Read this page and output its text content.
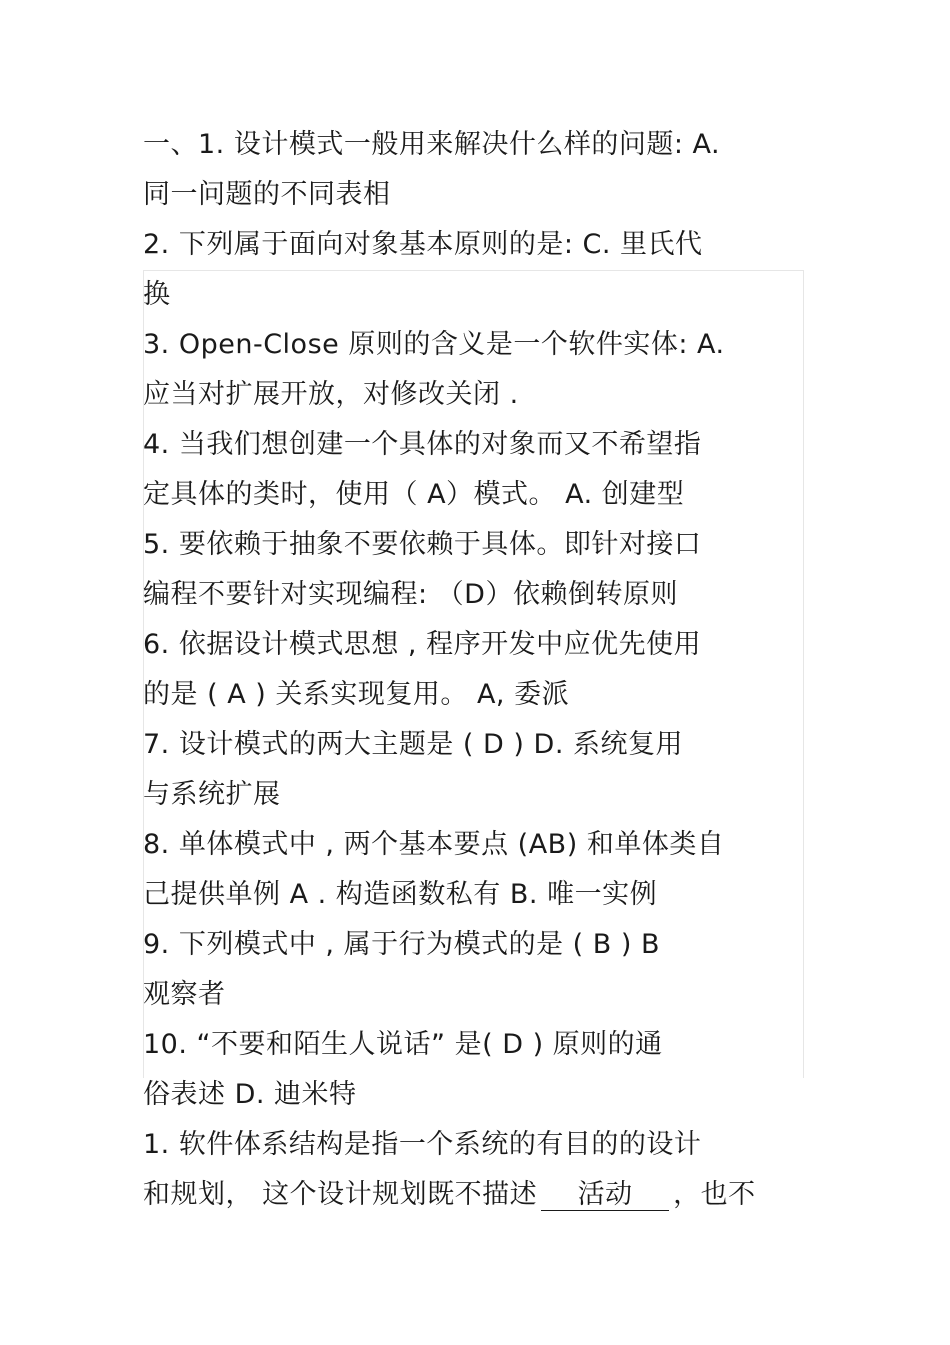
一、1. 设计模式一般用来解决什么样的问题: A.
同一问题的不同表相
2. 下列属于面向对象基本原则的是: C. 里氏代
换
3. Open-Close 原则的含义是一个软件实体: A.
应当对扩展开放，对修改关闭 .
4. 当我们想创建一个具体的对象而又不希望指
定具体的类时，使用（ A）模式。 A. 创建型
5. 要依赖于抽象不要依赖于具体。即针对接口
编程不要针对实现编程: （D）依赖倒转原则
6. 依据设计模式思想 , 程序开发中应优先使用
的是 ( A ) 关系实现复用。 A, 委派
7. 设计模式的两大主题是 ( D ) D. 系统复用
与系统扩展
8. 单体模式中 , 两个基本要点 (AB) 和单体类自
己提供单例 A . 构造函数私有 B. 唯一实例
9. 下列模式中 , 属于行为模式的是 ( B ) B
观察者
10. “不要和陌生人说话” 是( D ) 原则的通
俗表述 D. 迪米特
1. 软件体系结构是指一个系统的有目的的设计
和规划， 这个设计规划既不描述 活动 ，也不
